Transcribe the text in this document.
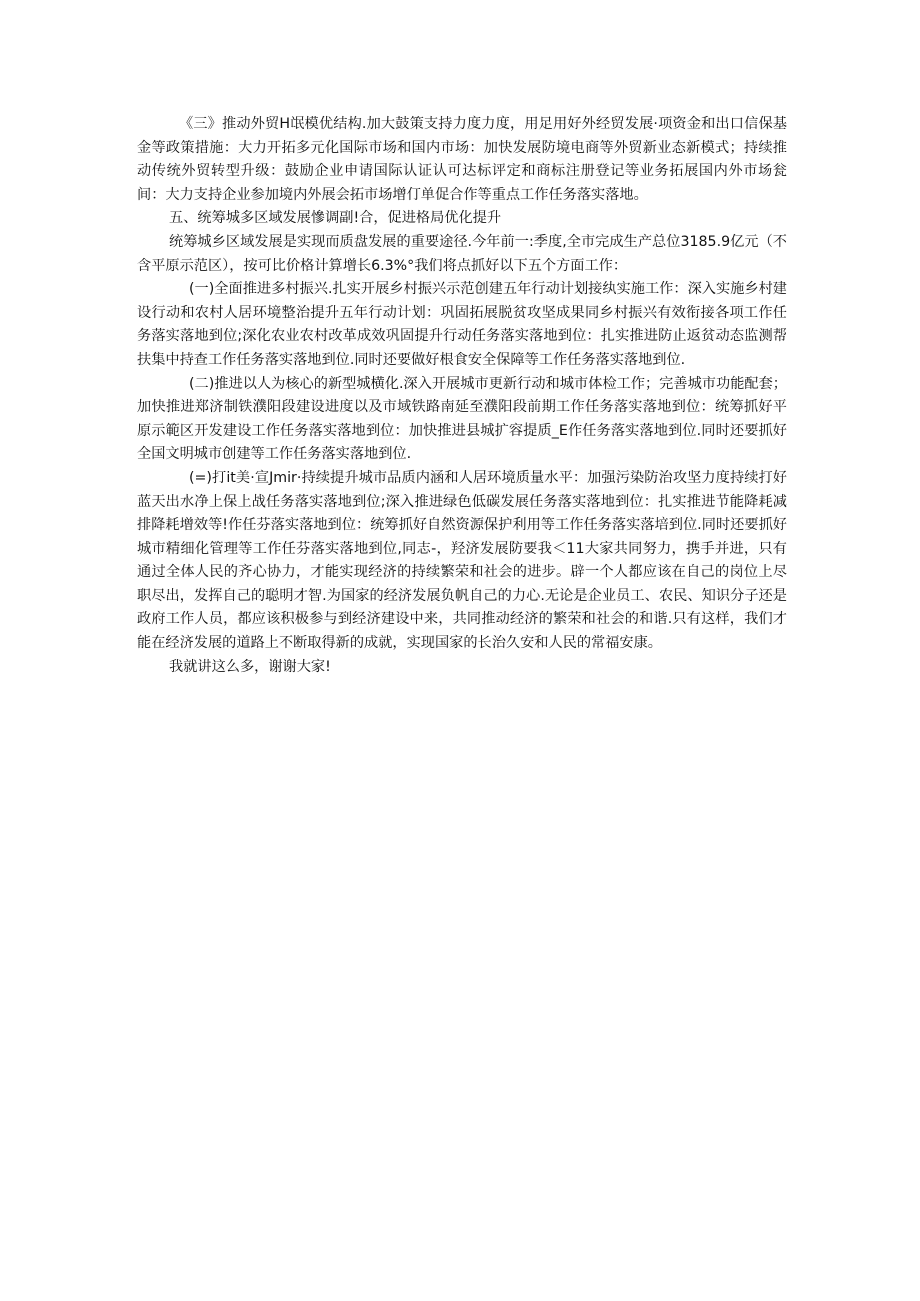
《三》推动外贸H氓模优结构.加大鼓策支持力度力度，用足用好外经贸发展·项资金和出口信保基金等政策措施：大力开拓多元化国际市场和国内市场：加快发展防境电商等外贸新业态新模式；持续推动传统外贸转型升级：鼓励企业申请国际认证认可达标评定和商标注册登记等业务拓展国内外市场瓮间：大力支持企业参加境内外展会拓市场增仃单促合作等重点工作任务落实落地。

五、统筹城多区域发展慘调副!合，促进格局优化提升

统筹城乡区域发展是实现而质盘发展的重要途径.今年前一:季度,全市完成生产总位3185.9亿元（不含平原示范区），按可比价格计算增长6.3%°我们将点抓好以下五个方面工作：

(一)全面推进多村振兴.扎实开展乡村振兴示范创建五年行动计划接纨实施工作：深入实施乡村建设行动和农村人居环境整治提升五年行动计划：巩固拓展脱贫攻坚成果同乡村振兴有效衔接各项工作任务落实落地到位;深化农业农村改革成效巩固提升行动任务落实落地到位：扎实推进防止返贫动态监测帮扶集中持查工作任务落实落地到位.同时还要做好根食安全保障等工作任务落实落地到位.

(二)推进以人为核心的新型城横化.深入开展城市更新行动和城市体检工作；完善城市功能配套；加快推进郑济制铁濮阳段建设进度以及市域铁路南延至濮阳段前期工作任务落实落地到位：统筹抓好平原示範区开发建设工作任务落实落地到位：加快推进县城扩容提质_E作任务落实落地到位.同时还要抓好全国文明城市创建等工作任务落实落地到位.

(=)打it美·宣Jmir·持续提升城市品质内涵和人居环境质量水平：加强污染防治攻坚力度持续打好蓝天出水净上保上战任务落实落地到位;深入推进绿色低碳发展任务落实落地到位：扎实推进节能降耗减排降耗增效等!作任芬落实落地到位：统筹抓好自然资源保护利用等工作任务落实落培到位.同时还要抓好城市精细化管理等工作任芬落实落地到位,同志-，羟济发展防要我＜11大家共同努力，携手并进，只有通过全体人民的齐心协力，才能实现经济的持续繁荣和社会的进步。辟一个人都应该在自己的岗位上尽职尽出，发挥自己的聪明才智.为国家的经济发展负帆自己的力心.无论是企业员工、农民、知识分子还是政府工作人员，都应该积极参与到经济建设中来，共同推动经济的繁荣和社会的和谐.只有这样，我们才能在经济发展的道路上不断取得新的成就，实现国家的长治久安和人民的常福安康。

我就讲这么多，谢谢大家!
